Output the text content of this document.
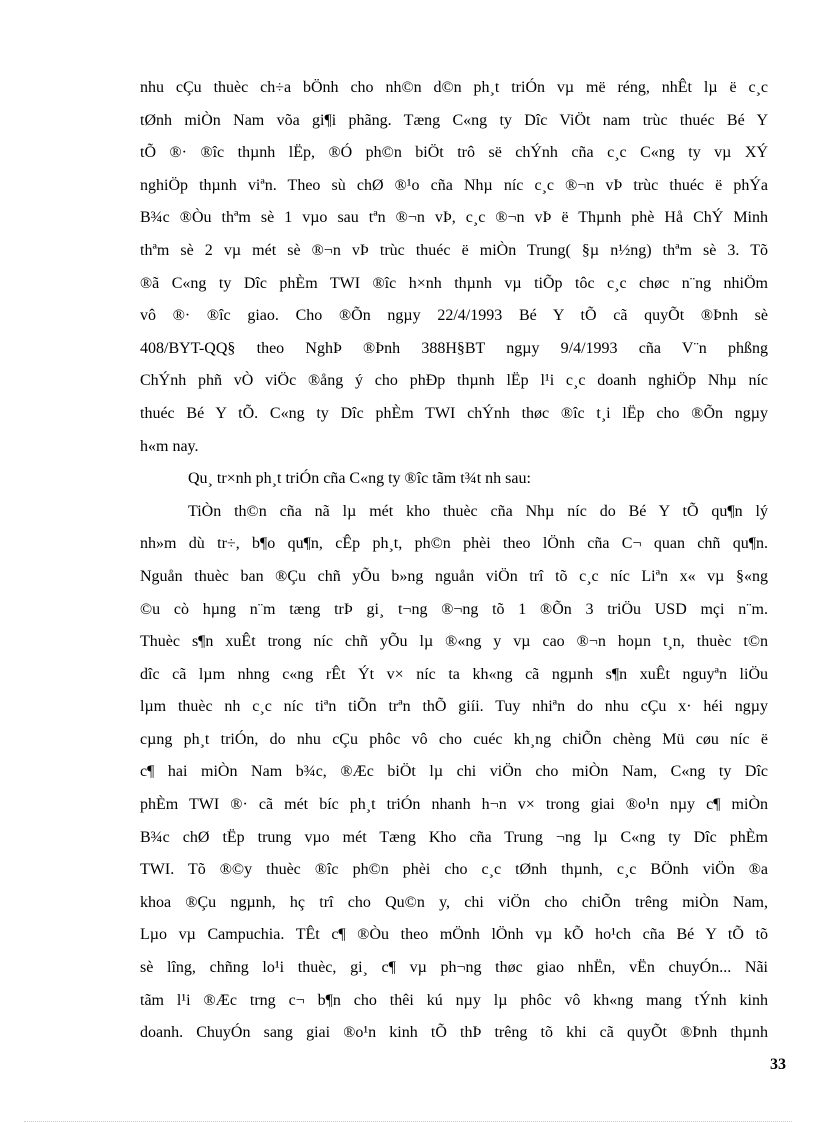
nhu cÇu thuèc ch÷a bÖnh cho nh©n d©n ph¸t triÓn vµ më réng, nhÊt lµ ë c¸c
tØnh miÒn Nam võa gi¶i phãng. Tæng C«ng ty Dîc ViÖt nam trùc thuéc Bé Y
tÕ ®· ®îc thµnh lËp, ®Ó ph©n biÖt trô së chÝnh cña c¸c C«ng ty vµ XÝ
nghiÖp thµnh viªn. Theo sù chØ ®¹o cña Nhµ níc c¸c ®¬n vÞ trùc thuéc ë phÝa
B¾c ®Òu thªm sè 1 vµo sau tªn ®¬n vÞ, c¸c ®¬n vÞ ë Thµnh phè Hå ChÝ Minh
thªm sè 2 vµ mét sè ®¬n vÞ trùc thuéc ë miÒn Trung( §µ n½ng) thªm sè 3. Tõ
®ã C«ng ty Dîc phÈm TWI ®îc h×nh thµnh vµ tiÕp tôc c¸c chøc n¨ng nhiÖm
vô ®· ®îc giao. Cho ®Õn ngµy 22/4/1993 Bé Y tÕ cã quyÕt ®Þnh sè
408/BYT-QQ§ theo NghÞ ®Þnh 388H§BT ngµy 9/4/1993 cña V¨n phßng
ChÝnh phñ vÒ viÖc ®ång ý cho phÐp thµnh lËp l¹i c¸c doanh nghiÖp Nhµ níc
thuéc Bé Y tÕ. C«ng ty Dîc phÈm TWI chÝnh thøc ®îc t¸i lËp cho ®Õn ngµy
h«m nay.
Qu¸ tr×nh ph¸t triÓn cña C«ng ty ®îc tãm t¾t nh sau:
TiÒn th©n cña nã lµ mét kho thuèc cña Nhµ níc do Bé Y tÕ qu¶n lý
nh»m dù tr÷, b¶o qu¶n, cÊp ph¸t, ph©n phèi theo lÖnh cña C¬ quan chñ qu¶n.
Nguån thuèc ban ®Çu chñ yÕu b»ng nguån viÖn trî tõ c¸c níc Liªn x« vµ §«ng
©u cò hµng n¨m tæng trÞ gi¸ t¬ng ®¬ng tõ 1 ®Õn 3 triÖu USD mçi n¨m.
Thuèc s¶n xuÊt trong níc chñ yÕu lµ ®«ng y vµ cao ®¬n hoµn t¸n, thuèc t©n
dîc cã lµm nhng c«ng rÊt Ýt v× níc ta kh«ng cã ngµnh s¶n xuÊt nguyªn liÖu
lµm thuèc nh c¸c níc tiªn tiÕn trªn thÕ giíi. Tuy nhiªn do nhu cÇu x· héi ngµy
cµng ph¸t triÓn, do nhu cÇu phôc vô cho cuéc kh¸ng chiÕn chèng Mü cøu níc ë
c¶ hai miÒn Nam b¾c, ®Æc biÖt lµ chi viÖn cho miÒn Nam, C«ng ty Dîc
phÈm TWI ®· cã mét bíc ph¸t triÓn nhanh h¬n v× trong giai ®o¹n nµy c¶ miÒn
B¾c chØ tËp trung vµo mét Tæng Kho cña Trung ¬ng lµ C«ng ty Dîc phÈm
TWI. Tõ ®©y thuèc ®îc ph©n phèi cho c¸c tØnh thµnh, c¸c BÖnh viÖn ®a
khoa ®Çu ngµnh, hç trî cho Qu©n y, chi viÖn cho chiÕn trêng miÒn Nam,
Lµo vµ Campuchia. TÊt c¶ ®Òu theo mÖnh lÖnh vµ kÕ ho¹ch cña Bé Y tÕ tõ
sè lîng, chñng lo¹i thuèc, gi¸ c¶ vµ ph¬ng thøc giao nhËn, vËn chuyÓn... Nãi
tãm l¹i ®Æc trng c¬ b¶n cho thêi kú nµy lµ phôc vô kh«ng mang tÝnh kinh
doanh. ChuyÓn sang giai ®o¹n kinh tÕ thÞ trêng tõ khi cã quyÕt ®Þnh thµnh
33
